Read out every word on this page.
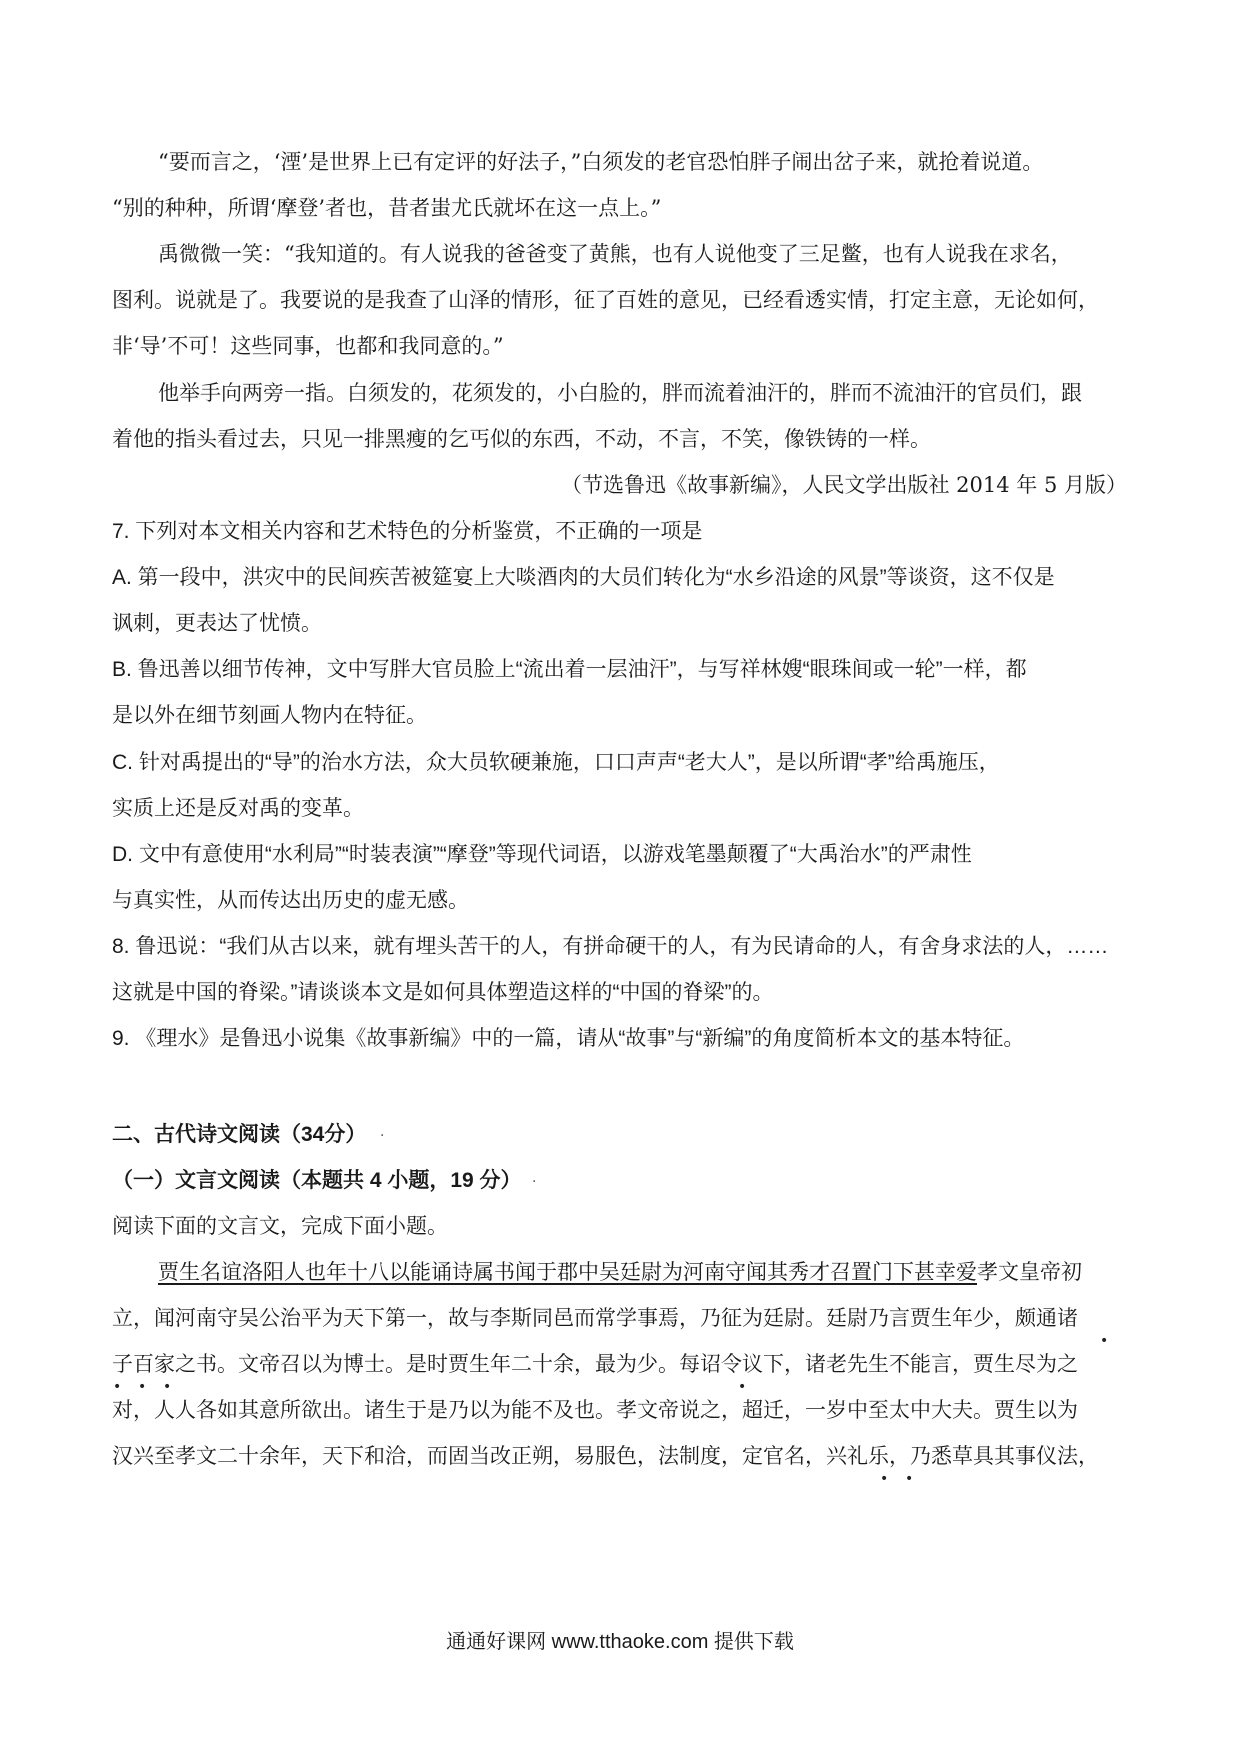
“要而言之，‘湮’是世界上已有定评的好法子，”白须发的老官恐怕胖子闹出岔子来，就抢着说道。
“别的种种，所谓‘摩登’者也，昔者蚩尤氏就坏在这一点上。”
禹微微一笑：“我知道的。有人说我的爸爸变了黄熊，也有人说他变了三足鳖，也有人说我在求名，
图利。说就是了。我要说的是我查了山泽的情形，征了百姓的意见，已经看透实情，打定主意，无论如何，
非‘导’不可！这些同事，也都和我同意的。”
他举手向两旁一指。白须发的，花须发的，小白脸的，胖而流着油汗的，胖而不流油汗的官员们，跟
着他的指头看过去，只见一排黑瘦的乞丐似的东西，不动，不言，不笑，像铁铸的一样。
（节选鲁迅《故事新编》，人民文学出版社 2014 年 5 月版）
7. 下列对本文相关内容和艺术特色的分析鉴赏，不正确的一项是
A. 第一段中，洪灾中的民间疾苦被筵宴上大啖酒肉的大员们转化为“水乡沿途的风景”等谈资，这不仅是
讽刺，更表达了忧愤。
B. 鲁迅善以细节传神，文中写胖大官员脸上“流出着一层油汗”，与写祥林嫂“眼珠间或一轮”一样，都
是以外在细节刻画人物内在特征。
C. 针对禹提出的“导”的治水方法，众大员软硬兼施，口口声声“老大人”，是以所谓“孝”给禹施压，
实质上还是反对禹的变革。
D. 文中有意使用“水利局”“时装表演”“摩登”等现代词语，以游戏笔墨颠覆了“大禹治水”的严肃性
与真实性，从而传达出历史的虚无感。
8. 鲁迅说：“我们从古以来，就有埋头苦干的人，有拼命硬干的人，有为民请命的人，有舍身求法的人，……
这就是中国的脊梁。”请谈谈本文是如何具体塑造这样的“中国的脊梁”的。
9. 《理水》是鲁迅小说集《故事新编》中的一篇，请从“故事”与“新编”的角度简析本文的基本特征。
二、古代诗文阅读（34分） .
（一）文言文阅读（本题共 4 小题，19 分） .
阅读下面的文言文，完成下面小题。
贾生名谊洛阳人也年十八以能诵诗属书闻于郡中吴廷尉为河南守闻其秀才召置门下甚幸爱孝文皇帝初
立，闻河南守吴公治平为天下第一，故与李斯同邑而常学事焉，乃征为廷尉。廷尉乃言贾生年少，颇通诸
•
子百家之书。文帝召以为博士。是时贾生年二十余，最为少。每诏令议下，诸老先生不能言，贾生尽为之
• • •	•
对，人人各如其意所欲出。诸生于是乃以为能不及也。孝文帝说之，超迁，一岁中至太中大夫。贾生以为
汉兴至孝文二十余年，天下和洽，而固当改正朔，易服色，法制度，定官名，兴礼乐，乃悉草具其事仪法，
• •
通通好课网 www.tthaoke.com 提供下载
